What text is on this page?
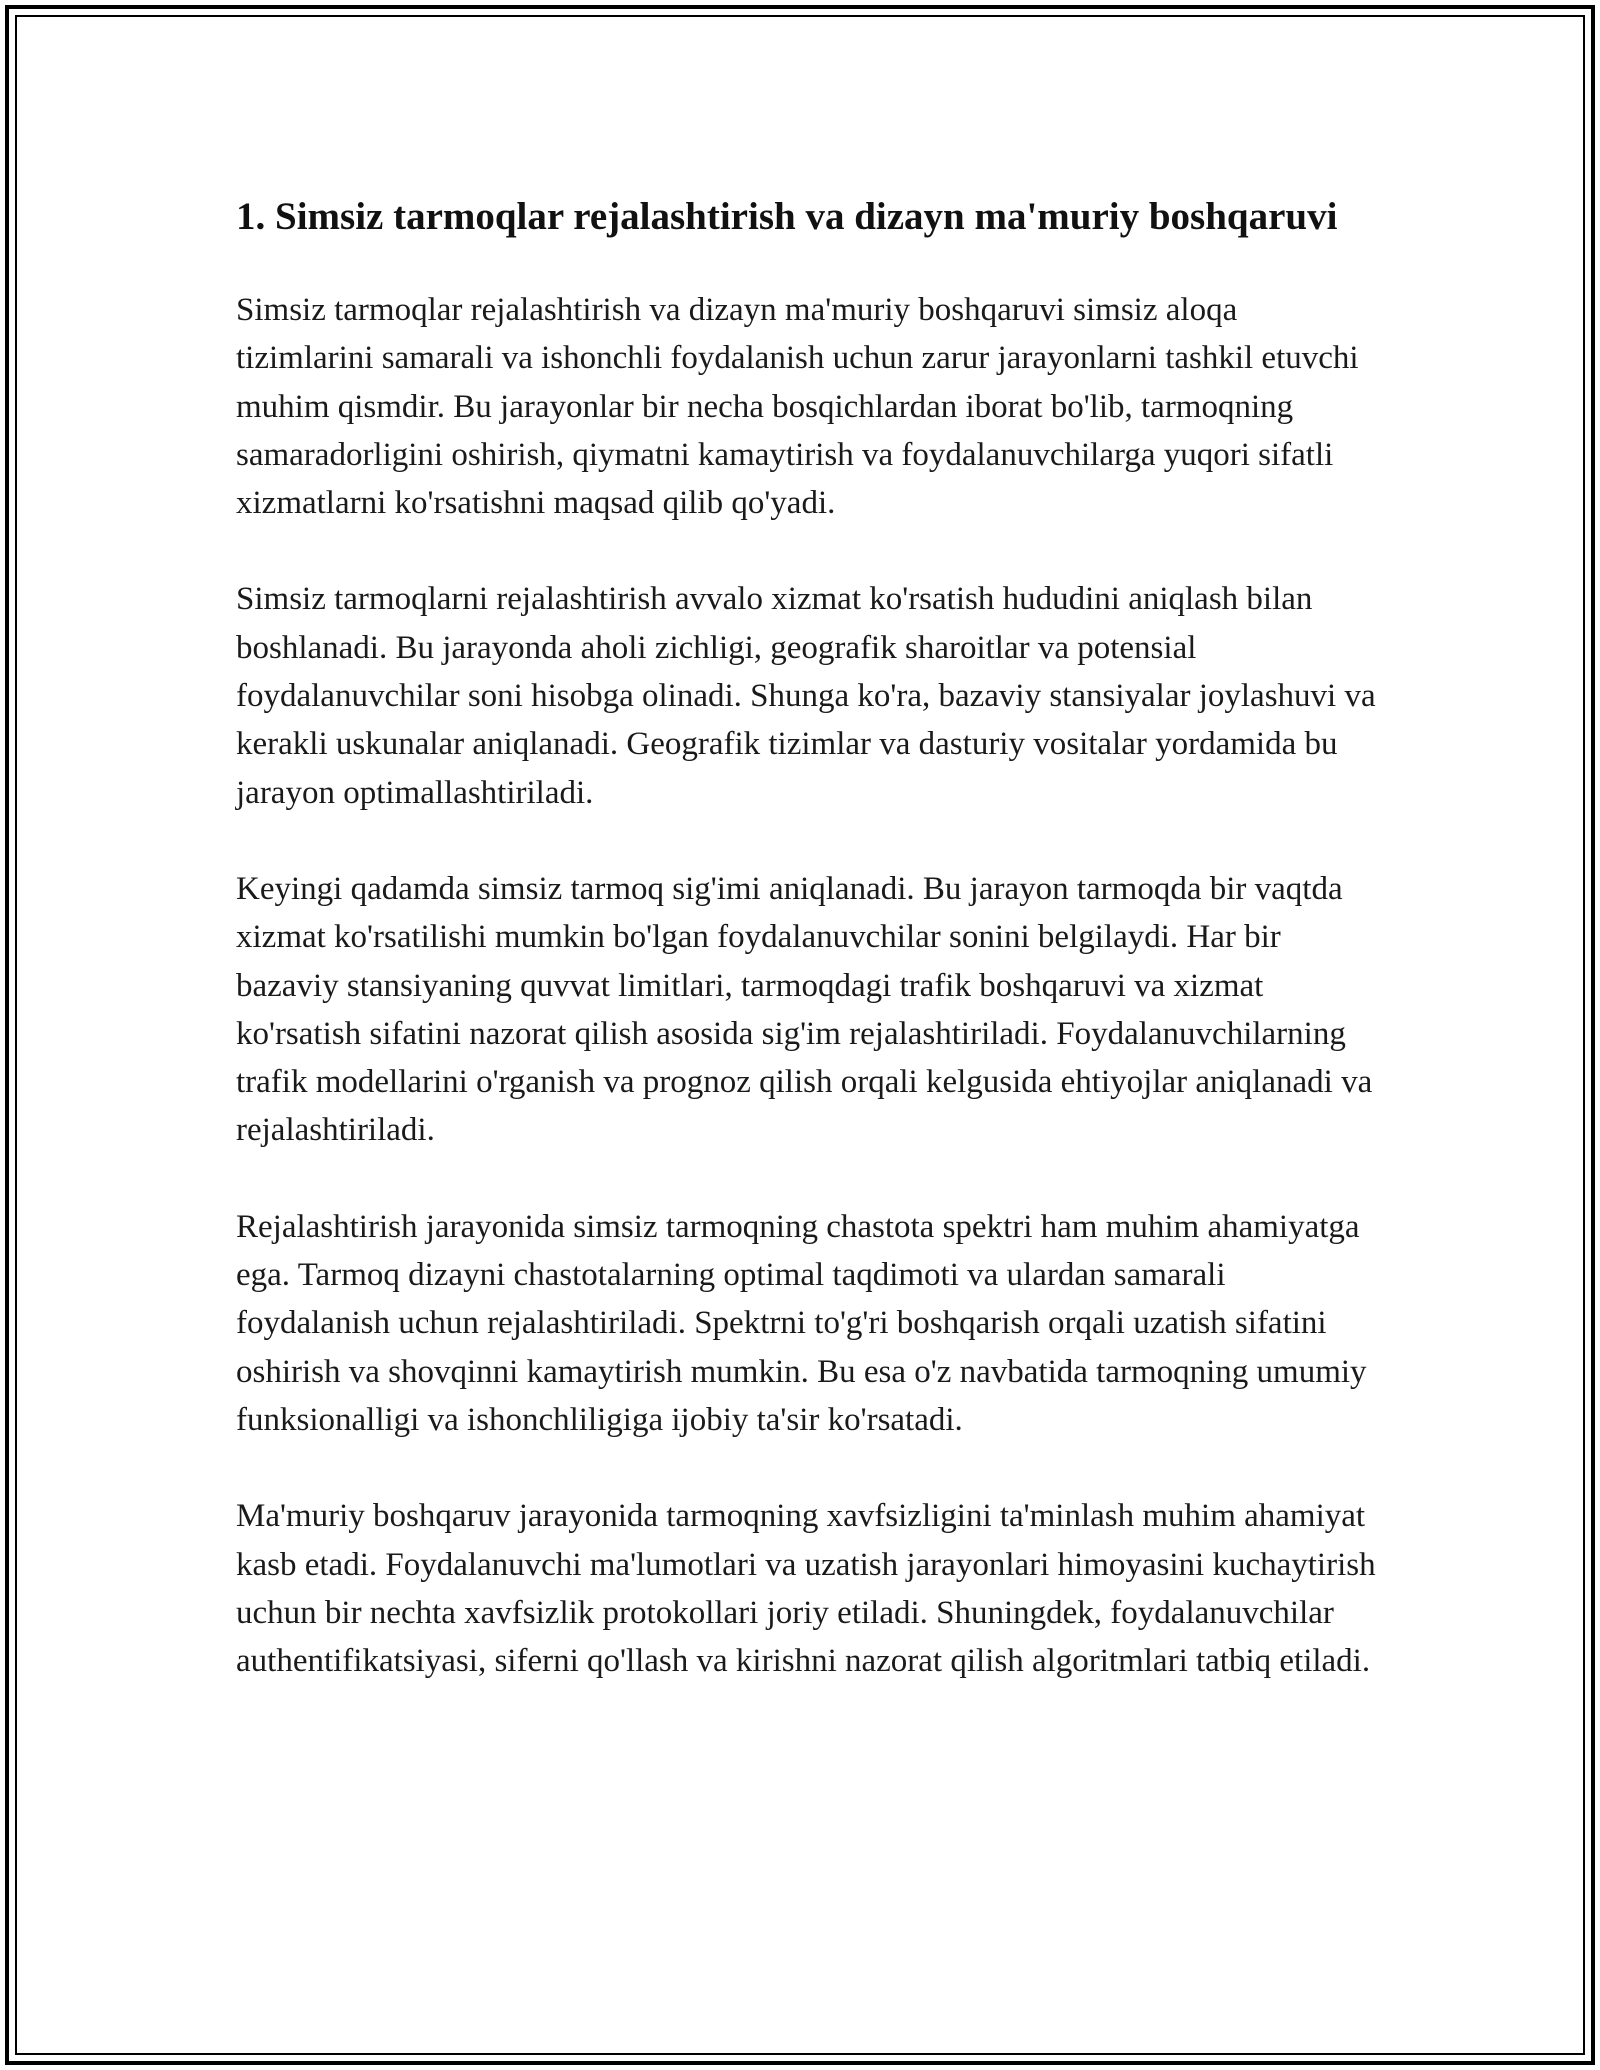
1. Simsiz tarmoqlar rejalashtirish va dizayn ma'muriy boshqaruvi

Simsiz tarmoqlar rejalashtirish va dizayn ma'muriy boshqaruvi simsiz aloqa tizimlarini samarali va ishonchli foydalanish uchun zarur jarayonlarni tashkil etuvchi muhim qismdir. Bu jarayonlar bir necha bosqichlardan iborat bo'lib, tarmoqning samaradorligini oshirish, qiymatni kamaytirish va foydalanuvchilarga yuqori sifatli xizmatlarni ko'rsatishni maqsad qilib qo'yadi.

Simsiz tarmoqlarni rejalashtirish avvalo xizmat ko'rsatish hududini aniqlash bilan boshlanadi. Bu jarayonda aholi zichligi, geografik sharoitlar va potensial foydalanuvchilar soni hisobga olinadi. Shunga ko'ra, bazaviy stansiyalar joylashuvi va kerakli uskunalar aniqlanadi. Geografik tizimlar va dasturiy vositalar yordamida bu jarayon optimallashtiriladi.

Keyingi qadamda simsiz tarmoq sig'imi aniqlanadi. Bu jarayon tarmoqda bir vaqtda xizmat ko'rsatilishi mumkin bo'lgan foydalanuvchilar sonini belgilaydi. Har bir bazaviy stansiyaning quvvat limitlari, tarmoqdagi trafik boshqaruvi va xizmat ko'rsatish sifatini nazorat qilish asosida sig'im rejalashtiriladi. Foydalanuvchilarning trafik modellarini o'rganish va prognoz qilish orqali kelgusida ehtiyojlar aniqlanadi va rejalashtiriladi.

Rejalashtirish jarayonida simsiz tarmoqning chastota spektri ham muhim ahamiyatga ega. Tarmoq dizayni chastotalarning optimal taqdimoti va ulardan samarali foydalanish uchun rejalashtiriladi. Spektrni to'g'ri boshqarish orqali uzatish sifatini oshirish va shovqinni kamaytirish mumkin. Bu esa o'z navbatida tarmoqning umumiy funksionalligi va ishonchliligiga ijobiy ta'sir ko'rsatadi.

Ma'muriy boshqaruv jarayonida tarmoqning xavfsizligini ta'minlash muhim ahamiyat kasb etadi. Foydalanuvchi ma'lumotlari va uzatish jarayonlari himoyasini kuchaytirish uchun bir nechta xavfsizlik protokollari joriy etiladi. Shuningdek, foydalanuvchilar authentifikatsiyasi, siferni qo'llash va kirishni nazorat qilish algoritmlari tatbiq etiladi.
